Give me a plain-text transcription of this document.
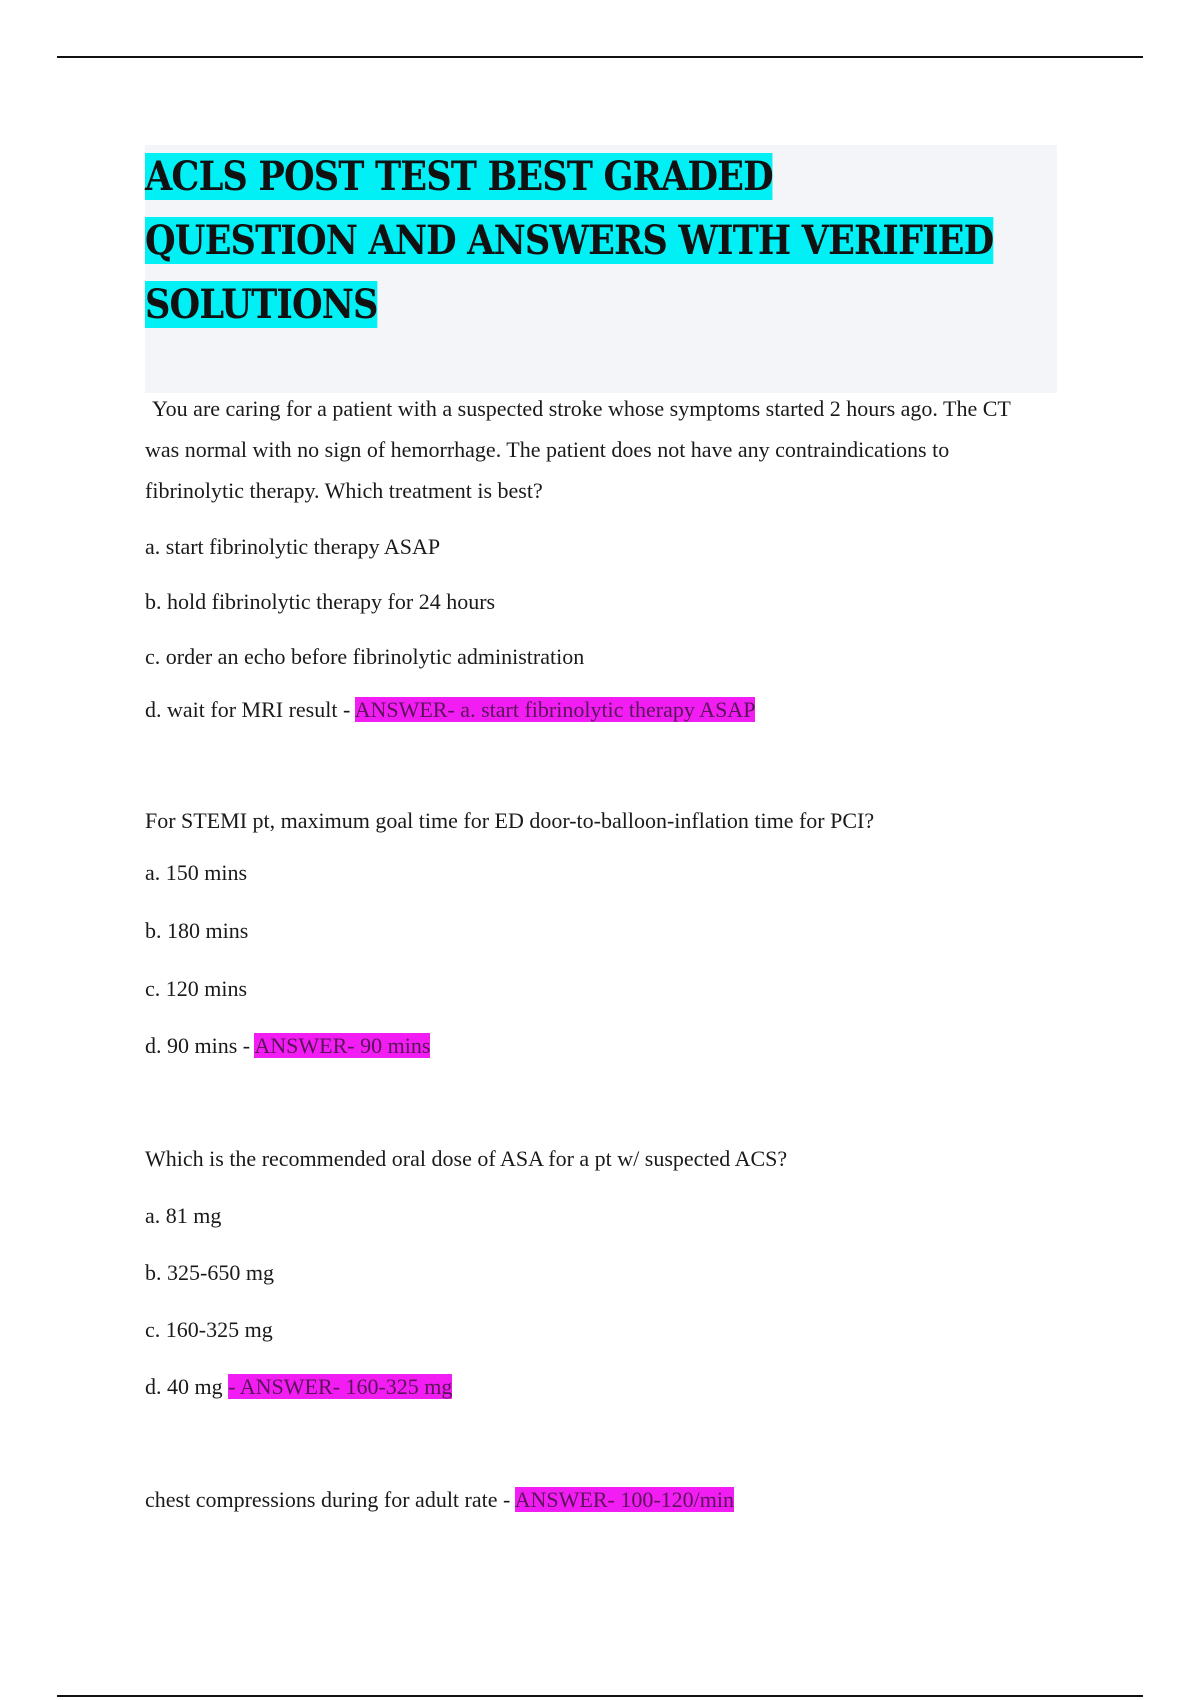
ACLS POST TEST BEST GRADED
QUESTION AND ANSWERS WITH VERIFIED
SOLUTIONS

You are caring for a patient with a suspected stroke whose symptoms started 2 hours ago. The CT was normal with no sign of hemorrhage. The patient does not have any contraindications to fibrinolytic therapy. Which treatment is best?

a. start fibrinolytic therapy ASAP

b. hold fibrinolytic therapy for 24 hours

c. order an echo before fibrinolytic administration

d. wait for MRI result - ANSWER- a. start fibrinolytic therapy ASAP

For STEMI pt, maximum goal time for ED door-to-balloon-inflation time for PCI?

a. 150 mins

b. 180 mins

c. 120 mins

d. 90 mins - ANSWER- 90 mins

Which is the recommended oral dose of ASA for a pt w/ suspected ACS?

a. 81 mg

b. 325-650 mg

c. 160-325 mg

d. 40 mg - ANSWER- 160-325 mg

chest compressions during for adult rate - ANSWER- 100-120/min
